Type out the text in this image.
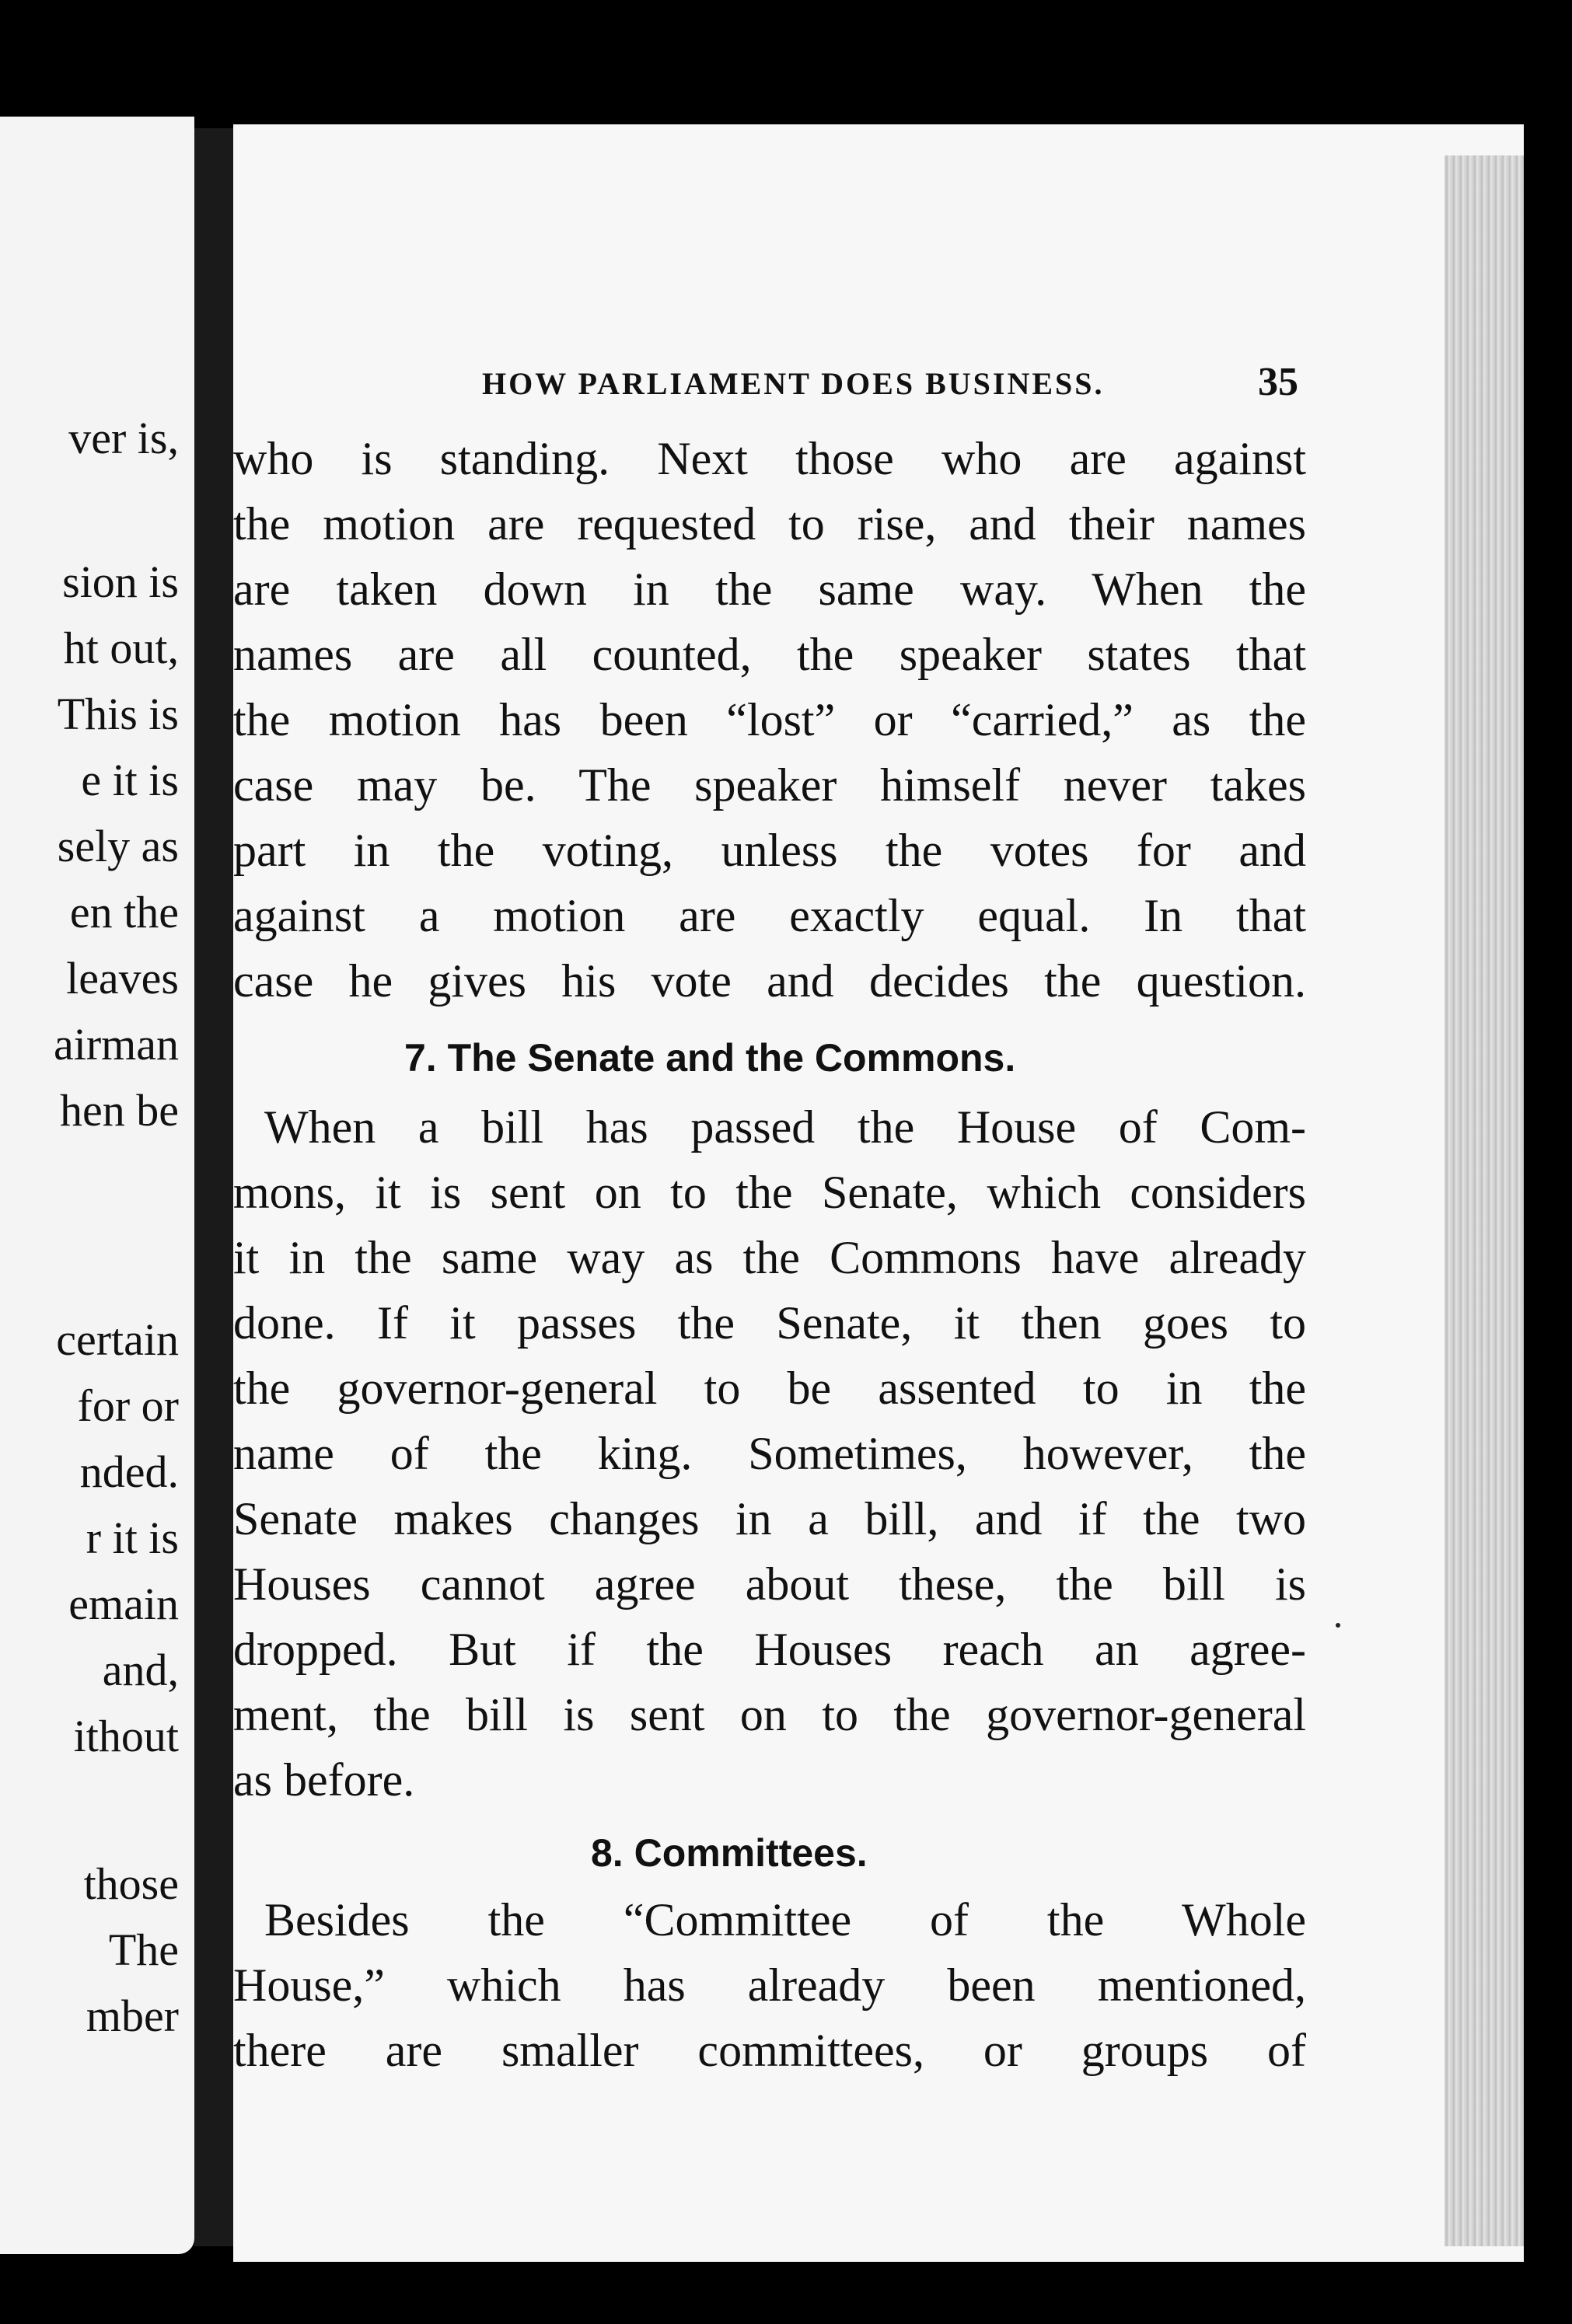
ver is,
sion is
ht out,
This is
e it is
sely as
en the
leaves
airman
hen be
certain
for or
nded.
r it is
emain
and,
ithout
those
The
mber
HOW PARLIAMENT DOES BUSINESS.	35
who is standing. Next those who are against
the motion are requested to rise, and their names
are taken down in the same way. When the
names are all counted, the speaker states that
the motion has been “lost” or “carried,” as the
case may be. The speaker himself never takes
part in the voting, unless the votes for and
against a motion are exactly equal. In that
case he gives his vote and decides the question.
7. The Senate and the Commons.
When a bill has passed the House of Com-
mons, it is sent on to the Senate, which considers
it in the same way as the Commons have already
done. If it passes the Senate, it then goes to
the governor-general to be assented to in the
name of the king. Sometimes, however, the
Senate makes changes in a bill, and if the two
Houses cannot agree about these, the bill is
dropped. But if the Houses reach an agree-
ment, the bill is sent on to the governor-general
as before.
8. Committees.
Besides the “Committee of the Whole
House,” which has already been mentioned,
there are smaller committees, or groups of
